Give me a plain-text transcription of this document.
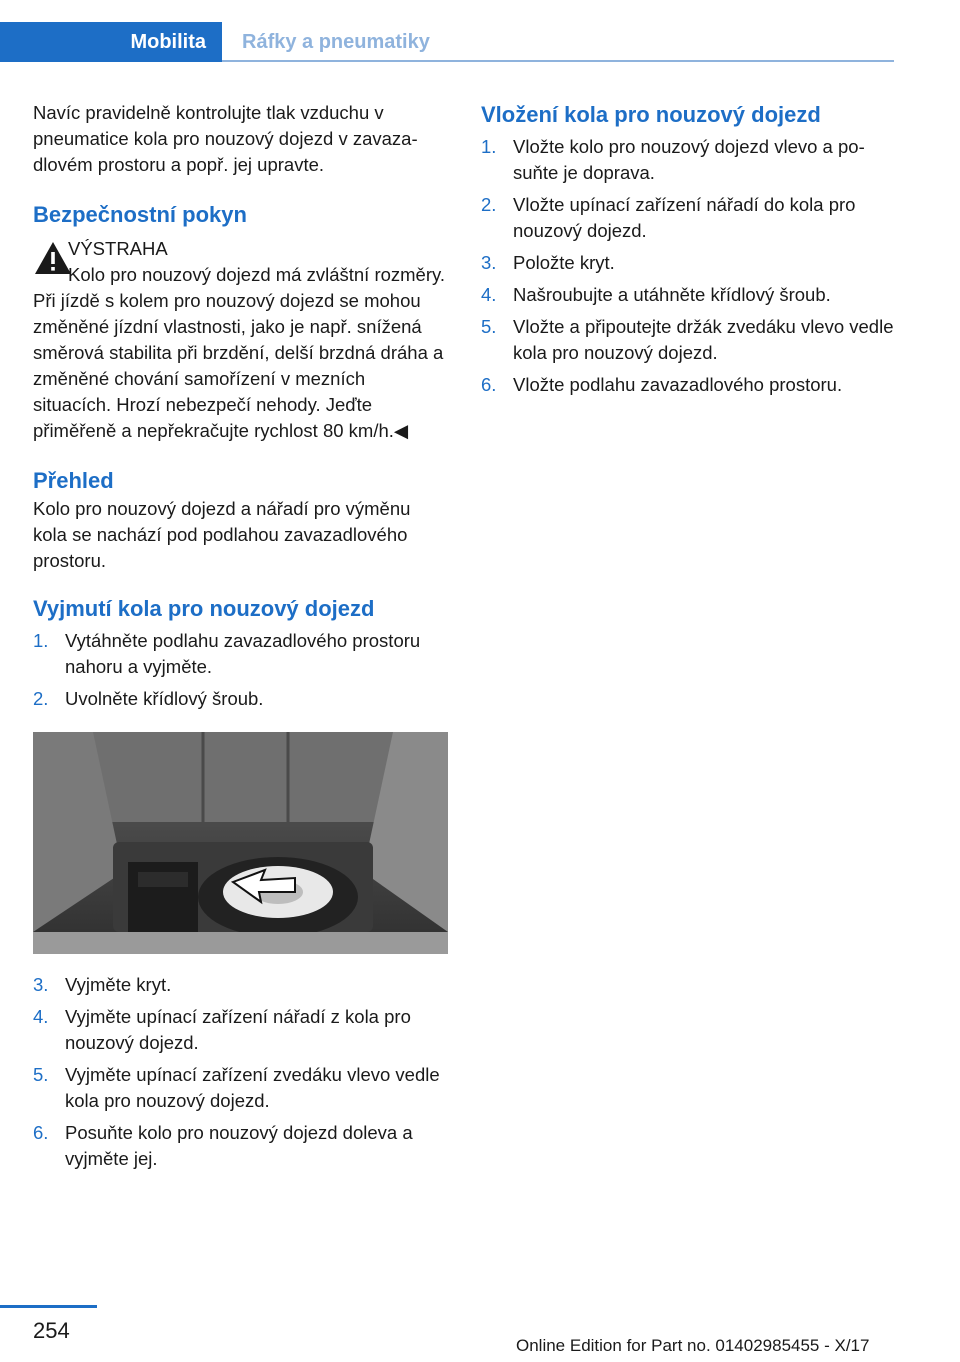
Mobilita	Ráfky a pneumatiky

Navíc pravidelně kontrolujte tlak vzduchu v pneumatice kola pro nouzový dojezd v zavazadlovém prostoru a popř. jej upravte.

Bezpečnostní pokyn
VÝSTRAHA
Kolo pro nouzový dojezd má zvláštní rozměry. Při jízdě s kolem pro nouzový dojezd se mohou změněné jízdní vlastnosti, jako je např. snížená směrová stabilita při brzdění, delší brzdná dráha a změněné chování samořízení v mezních situacích. Hrozí nebezpečí nehody. Jeďte přiměřeně a nepřekračujte rychlost 80 km/h.◀
Přehled

Kolo pro nouzový dojezd a nářadí pro výměnu kola se nachází pod podlahou zavazadlového prostoru.

Vyjmutí kola pro nouzový dojezd
1. Vytáhněte podlahu zavazadlového prostoru nahoru a vyjměte.
2. Uvolněte křídlový šroub.
3. Vyjměte kryt.
4. Vyjměte upínací zařízení nářadí z kola pro nouzový dojezd.
5. Vyjměte upínací zařízení zvedáku vlevo vedle kola pro nouzový dojezd.
6. Posuňte kolo pro nouzový dojezd doleva a vyjměte jej.
Vložení kola pro nouzový dojezd
1. Vložte kolo pro nouzový dojezd vlevo a posuňte je doprava.
2. Vložte upínací zařízení nářadí do kola pro nouzový dojezd.
3. Položte kryt.
4. Našroubujte a utáhněte křídlový šroub.
5. Vložte a připoutejte držák zvedáku vlevo vedle kola pro nouzový dojezd.
6. Vložte podlahu zavazadlového prostoru.
254
Online Edition for Part no. 01402985455 - X/17
